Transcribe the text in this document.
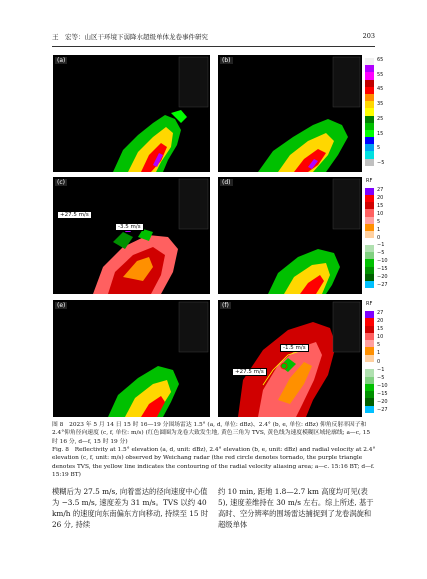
王　宏等：山区干环境下弱降水超级单体龙卷事件研究	203
(a)	(b)	65
55
45
35
25
15
5
−5
(c)
+27.5 m/s
-3.5 m/s
(d)	RF
27
20
15
10
5
1
0
−1
−5
−10
−15
−20
−27
(e)	(f)
-1.5 m/s
+27.5 m/s
RF
27
20
15
10
5
1
0
−1
−5
−10
−15
−20
−27
图 8　2023 年 5 月 14 日 15 时 16—19 分围场雷达 1.5° (a, d, 单位: dBz)、2.4° (b, e, 单位: dBz) 仰角反射率因子和 2.4°仰角径向速度 (c, f, 单位: m/s) (红色圆圈为龙卷大致发生地, 黄色三角为 TVS, 黄色线为速度模糊区域轮廓线; a—c, 15 时 16 分, d—f, 15 时 19 分)
Fig. 8　Reflectivity at 1.5° elevation (a, d, unit: dBz), 2.4° elevation (b, e, unit: dBz) and radial velocity at 2.4° elevation (c, f, unit: m/s) observed by Weichang radar (the red circle denotes tornado, the purple triangle denotes TVS, the yellow line indicates the contouring of the radial velocity aliasing area; a—c. 15:16 BT; d—f. 15:19 BT)
模糊后为 27.5 m/s, 向着雷达的径向速度中心值为 −3.5 m/s, 速度差为 31 m/s。TVS 以约 40 km/h 的速度向东南偏东方向移动, 持续至 15 时 26 分, 持续
约 10 min, 距地 1.8—2.7 km 高度均可见(表 5), 速度差维持在 30 m/s 左右。综上所述, 基于高时、空分辨率的围场雷达捕捉到了龙卷涡旋和超级单体
